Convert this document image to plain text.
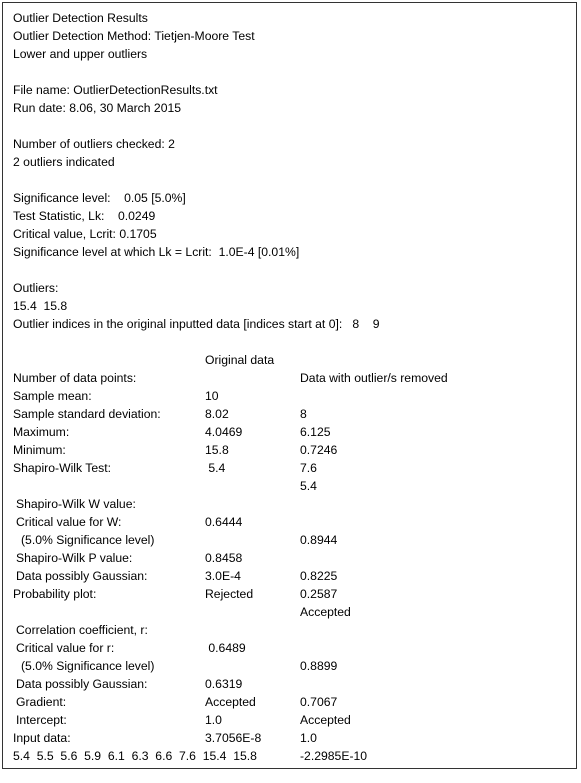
Outlier Detection Results
Outlier Detection Method: Tietjen-Moore Test
Lower and upper outliers
File name: OutlierDetectionResults.txt
Run date: 8.06, 30 March 2015
Number of outliers checked: 2
2 outliers indicated
Significance level:    0.05 [5.0%]
Test Statistic, Lk:    0.0249
Critical value, Lcrit: 0.1705
Significance level at which Lk = Lcrit:  1.0E-4 [0.01%]
Outliers:
15.4  15.8
Outlier indices in the original inputted data [indices start at 0]:   8    9

Original data

Data with outlier/s removed

Number of data points:

10

8

Sample mean:

8.02

6.125

Sample standard deviation:

4.0469

0.7246

Maximum:

15.8

7.6

Minimum:

5.4

5.4

Shapiro-Wilk Test:

Shapiro-Wilk W value:

0.6444

0.8944

Critical value for W:

(5.0% Significance level)

0.8458

0.8225

Shapiro-Wilk P value:

3.0E-4

0.2587

Data possibly Gaussian:

Rejected

Accepted

Probability plot:

Correlation coefficient, r:

0.6489

0.8899

Critical value for r:

(5.0% Significance level)

0.6319

0.7067

Data possibly Gaussian:

Accepted

Accepted

Gradient:

1.0

1.0

Intercept:

3.7056E-8

-2.2985E-10

Input data:
5.4  5.5  5.6  5.9  6.1  6.3  6.6  7.6  15.4  15.8
